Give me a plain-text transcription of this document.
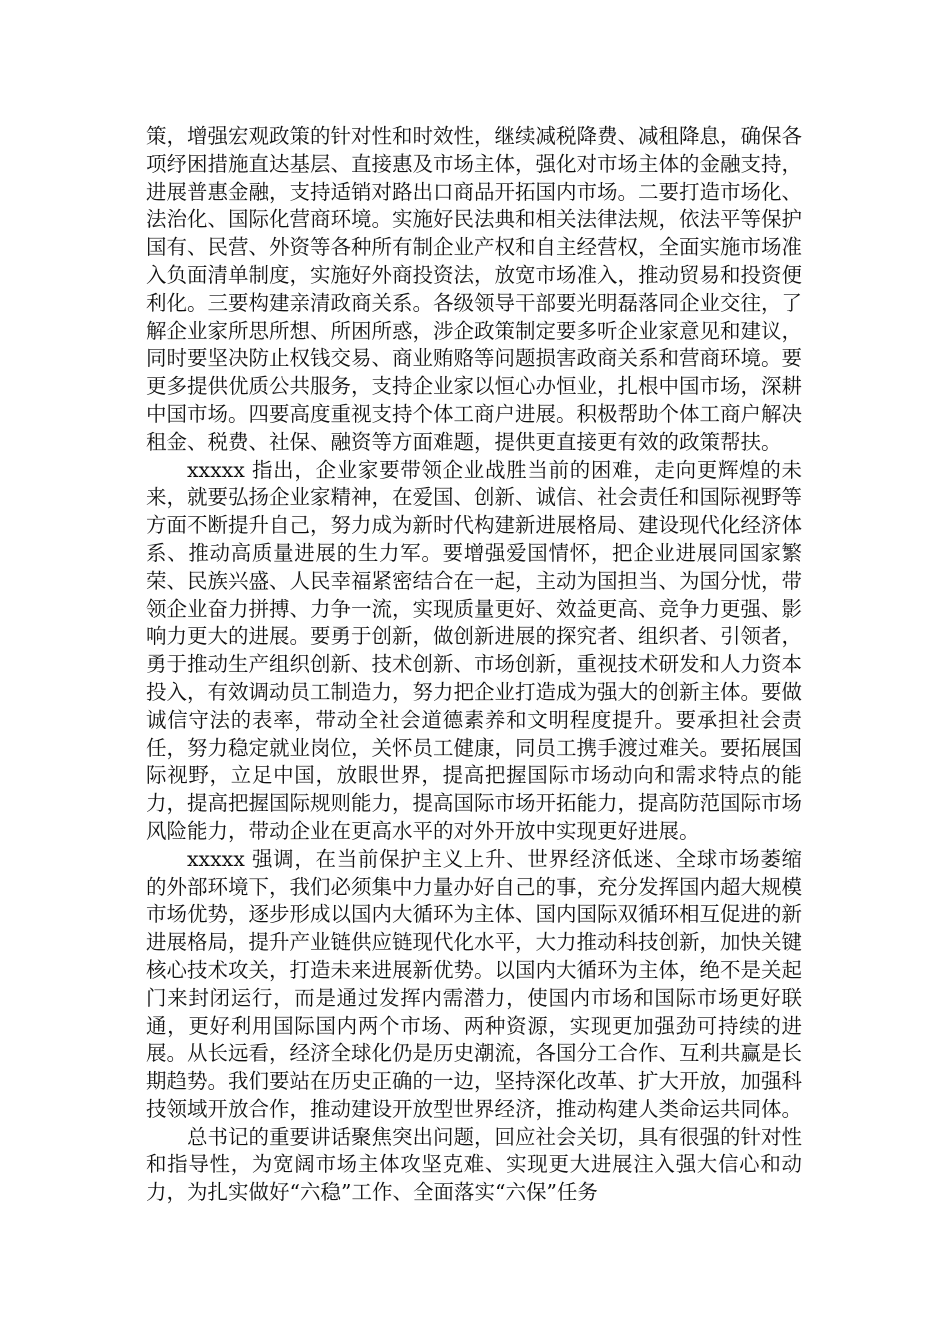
策，增强宏观政策的针对性和时效性，继续减税降费、减租降息，确保各项纾困措施直达基层、直接惠及市场主体，强化对市场主体的金融支持，进展普惠金融，支持适销对路出口商品开拓国内市场。二要打造市场化、法治化、国际化营商环境。实施好民法典和相关法律法规，依法平等保护国有、民营、外资等各种所有制企业产权和自主经营权，全面实施市场准入负面清单制度，实施好外商投资法，放宽市场准入，推动贸易和投资便利化。三要构建亲清政商关系。各级领导干部要光明磊落同企业交往，了解企业家所思所想、所困所惑，涉企政策制定要多听企业家意见和建议，同时要坚决防止权钱交易、商业贿赂等问题损害政商关系和营商环境。要更多提供优质公共服务，支持企业家以恒心办恒业，扎根中国市场，深耕中国市场。四要高度重视支持个体工商户进展。积极帮助个体工商户解决租金、税费、社保、融资等方面难题，提供更直接更有效的政策帮扶。

xxxxx 指出，企业家要带领企业战胜当前的困难，走向更辉煌的未来，就要弘扬企业家精神，在爱国、创新、诚信、社会责任和国际视野等方面不断提升自己，努力成为新时代构建新进展格局、建设现代化经济体系、推动高质量进展的生力军。要增强爱国情怀，把企业进展同国家繁荣、民族兴盛、人民幸福紧密结合在一起，主动为国担当、为国分忧，带领企业奋力拼搏、力争一流，实现质量更好、效益更高、竞争力更强、影响力更大的进展。要勇于创新，做创新进展的探究者、组织者、引领者，勇于推动生产组织创新、技术创新、市场创新，重视技术研发和人力资本投入，有效调动员工制造力，努力把企业打造成为强大的创新主体。要做诚信守法的表率，带动全社会道德素养和文明程度提升。要承担社会责任，努力稳定就业岗位，关怀员工健康，同员工携手渡过难关。要拓展国际视野，立足中国，放眼世界，提高把握国际市场动向和需求特点的能力，提高把握国际规则能力，提高国际市场开拓能力，提高防范国际市场风险能力，带动企业在更高水平的对外开放中实现更好进展。

xxxxx 强调，在当前保护主义上升、世界经济低迷、全球市场萎缩的外部环境下，我们必须集中力量办好自己的事，充分发挥国内超大规模市场优势，逐步形成以国内大循环为主体、国内国际双循环相互促进的新进展格局，提升产业链供应链现代化水平，大力推动科技创新，加快关键核心技术攻关，打造未来进展新优势。以国内大循环为主体，绝不是关起门来封闭运行，而是通过发挥内需潜力，使国内市场和国际市场更好联通，更好利用国际国内两个市场、两种资源，实现更加强劲可持续的进展。从长远看，经济全球化仍是历史潮流，各国分工合作、互利共赢是长期趋势。我们要站在历史正确的一边，坚持深化改革、扩大开放，加强科技领域开放合作，推动建设开放型世界经济，推动构建人类命运共同体。

总书记的重要讲话聚焦突出问题，回应社会关切，具有很强的针对性和指导性，为宽阔市场主体攻坚克难、实现更大进展注入强大信心和动力，为扎实做好“六稳”工作、全面落实“六保”任务
